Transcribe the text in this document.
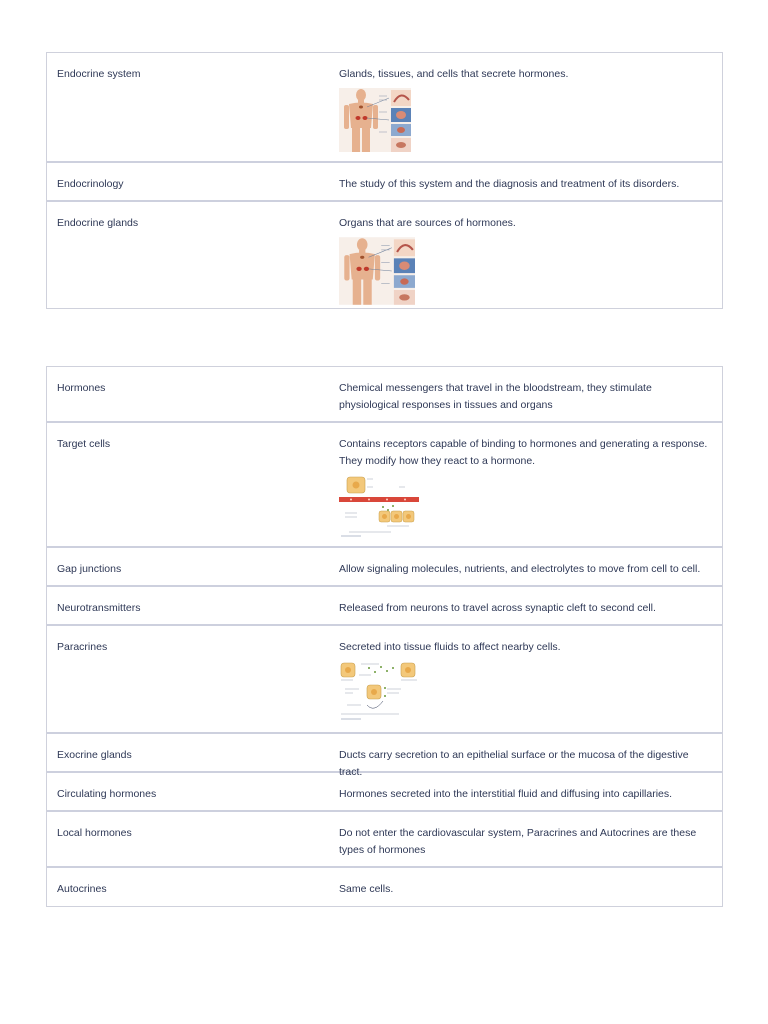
Endocrine system	Glands, tissues, and cells that secrete hormones.
Endocrinology	The study of this system and the diagnosis and treatment of its disorders.
Endocrine glands	Organs that are sources of hormones.
Hormones	Chemical messengers that travel in the bloodstream, they stimulate physiological responses in tissues and organs
Target cells	Contains receptors capable of binding to hormones and generating a response. They modify how they react to a hormone.
Gap junctions	Allow signaling molecules, nutrients, and electrolytes to move from cell to cell.
Neurotransmitters	Released from neurons to travel across synaptic cleft to second cell.
Paracrines	Secreted into tissue fluids to affect nearby cells.
Exocrine glands	Ducts carry secretion to an epithelial surface or the mucosa of the digestive tract.
Circulating hormones	Hormones secreted into the interstitial fluid and diffusing into capillaries.
Local hormones	Do not enter the cardiovascular system, Paracrines and Autocrines are these types of hormones
Autocrines	Same cells.
